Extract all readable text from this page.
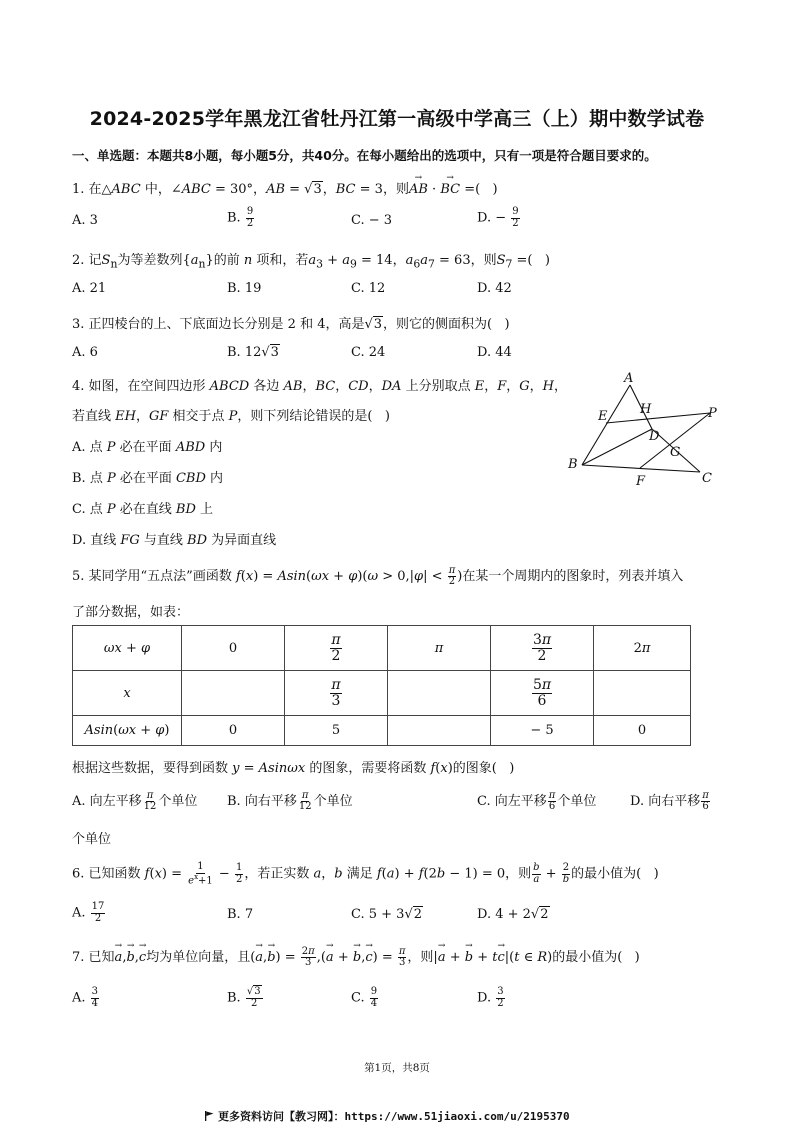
2024-2025学年黑龙江省牡丹江第一高级中学高三（上）期中数学试卷
一、单选题：本题共8小题，每小题5分，共40分。在每小题给出的选项中，只有一项是符合题目要求的。
1. 在△ABC 中，∠ABC = 30°，AB = √3，BC = 3，则→ AB · → BC =(   )
A. 3	B. $\frac{9}{2}$	C. − 3	D. − $\frac{9}{2}$
2. 记$S_n$为等差数列$\{a_n\}$的前 n 项和，若$a_3 + a_9 = 14$，$a_6a_7 = 63$，则$S_7$ =(   )
A. 21	B. 19	C. 12	D. 42
3. 正四棱台的上、下底面边长分别是 2 和 4，高是√3，则它的侧面积为(   )
A. 6	B. 12√3	C. 24	D. 44
4. 如图，在空间四边形 ABCD 各边 AB，BC，CD，DA 上分别取点 E，F，G，H，
若直线 EH，GF 相交于点 P，则下列结论错误的是(   )
A. 点 P 必在平面 ABD 内
B. 点 P 必在平面 CBD 内
C. 点 P 必在直线 BD 上
D. 直线 FG 与直线 BD 为异面直线
A
E	H	P
D
G
B
F	C
5. 某同学用“五点法”画函数 $f(x) = Asin(\omega x + \varphi)(\omega > 0,|\varphi| < \frac{\pi}{2}$ )在某一个周期内的图象时，列表并填入
了部分数据，如表：
ωx + φ	0	$\frac{\pi}{2}$	π	$\frac{3\pi}{2}$	2π
x		$\frac{\pi}{3}$		$\frac{5\pi}{6}$

Asin(ωx + φ)	0	5		− 5	0
根据这些数据，要得到函数 y = Asinωx 的图象，需要将函数 f(x)的图象(   )
A. 向左平移 $\frac{\pi}{12}$ 个单位 B. 向右平移 $\frac{\pi}{12}$ 个单位	C. 向左平移 $\frac{\pi}{6}$ 个单位	D. 向右平移 $\frac{\pi}{6}$
个单位
6. 已知函数 $f(x) = \frac{1}{e^x+1} - \frac{1}{2}$ ，若正实数 a，b 满足 f(a) + f(2b − 1) = 0，则 $\frac{b}{a} + \frac{2}{b}$ 的最小值为(   )
A. $\frac{17}{2}$	B. 7	C. 5 + 3√2	D. 4 + 2√2
7. 已知→ a,→ b,→ c均为单位向量，且(→ $a,\to b) = \frac{2\pi}{3}$ ,(→ a + → $b,\to c) = \frac{\pi}{3}$ ，则|→ a + → b + t→ c|(t ∈ R)的最小值为(   )
A. $\frac{3}{4}$	B. $\frac{√3}{2}$	C. $\frac{9}{4}$	D. $\frac{3}{2}$
第1页，共8页
更多资料访问【教习网】：https://www.51jiaoxi.com/u/2195370
